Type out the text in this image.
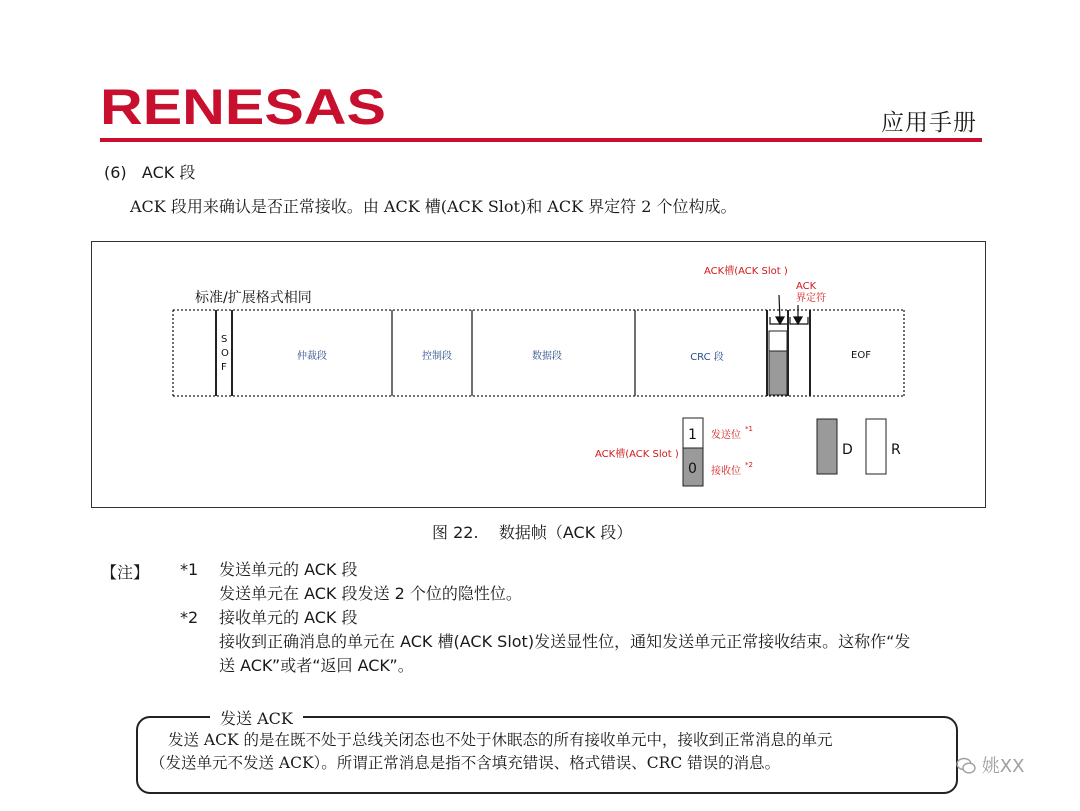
RENESAS	应用手册
(6)   ACK 段
ACK 段用来确认是否正常接收。由 ACK 槽(ACK Slot)和 ACK 界定符 2 个位构成。
标准/扩展格式相同
ACK槽(ACK Slot )
ACK
界定符
S
O
F
仲裁段	控制段	数据段	CRC 段	EOF
ACK槽(ACK Slot )
1
0
发送位
*1
接收位
*2
D	R
图 22.    数据帧（ACK 段）
【注】 *1 发送单元的 ACK 段
发送单元在 ACK 段发送 2 个位的隐性位。
*2 接收单元的 ACK 段
接收到正确消息的单元在 ACK 槽(ACK Slot)发送显性位，通知发送单元正常接收结束。这称作“发
送 ACK”或者“返回 ACK”。
发送 ACK
发送 ACK 的是在既不处于总线关闭态也不处于休眠态的所有接收单元中，接收到正常消息的单元
（发送单元不发送 ACK）。所谓正常消息是指不含填充错误、格式错误、CRC 错误的消息。	姚XX
